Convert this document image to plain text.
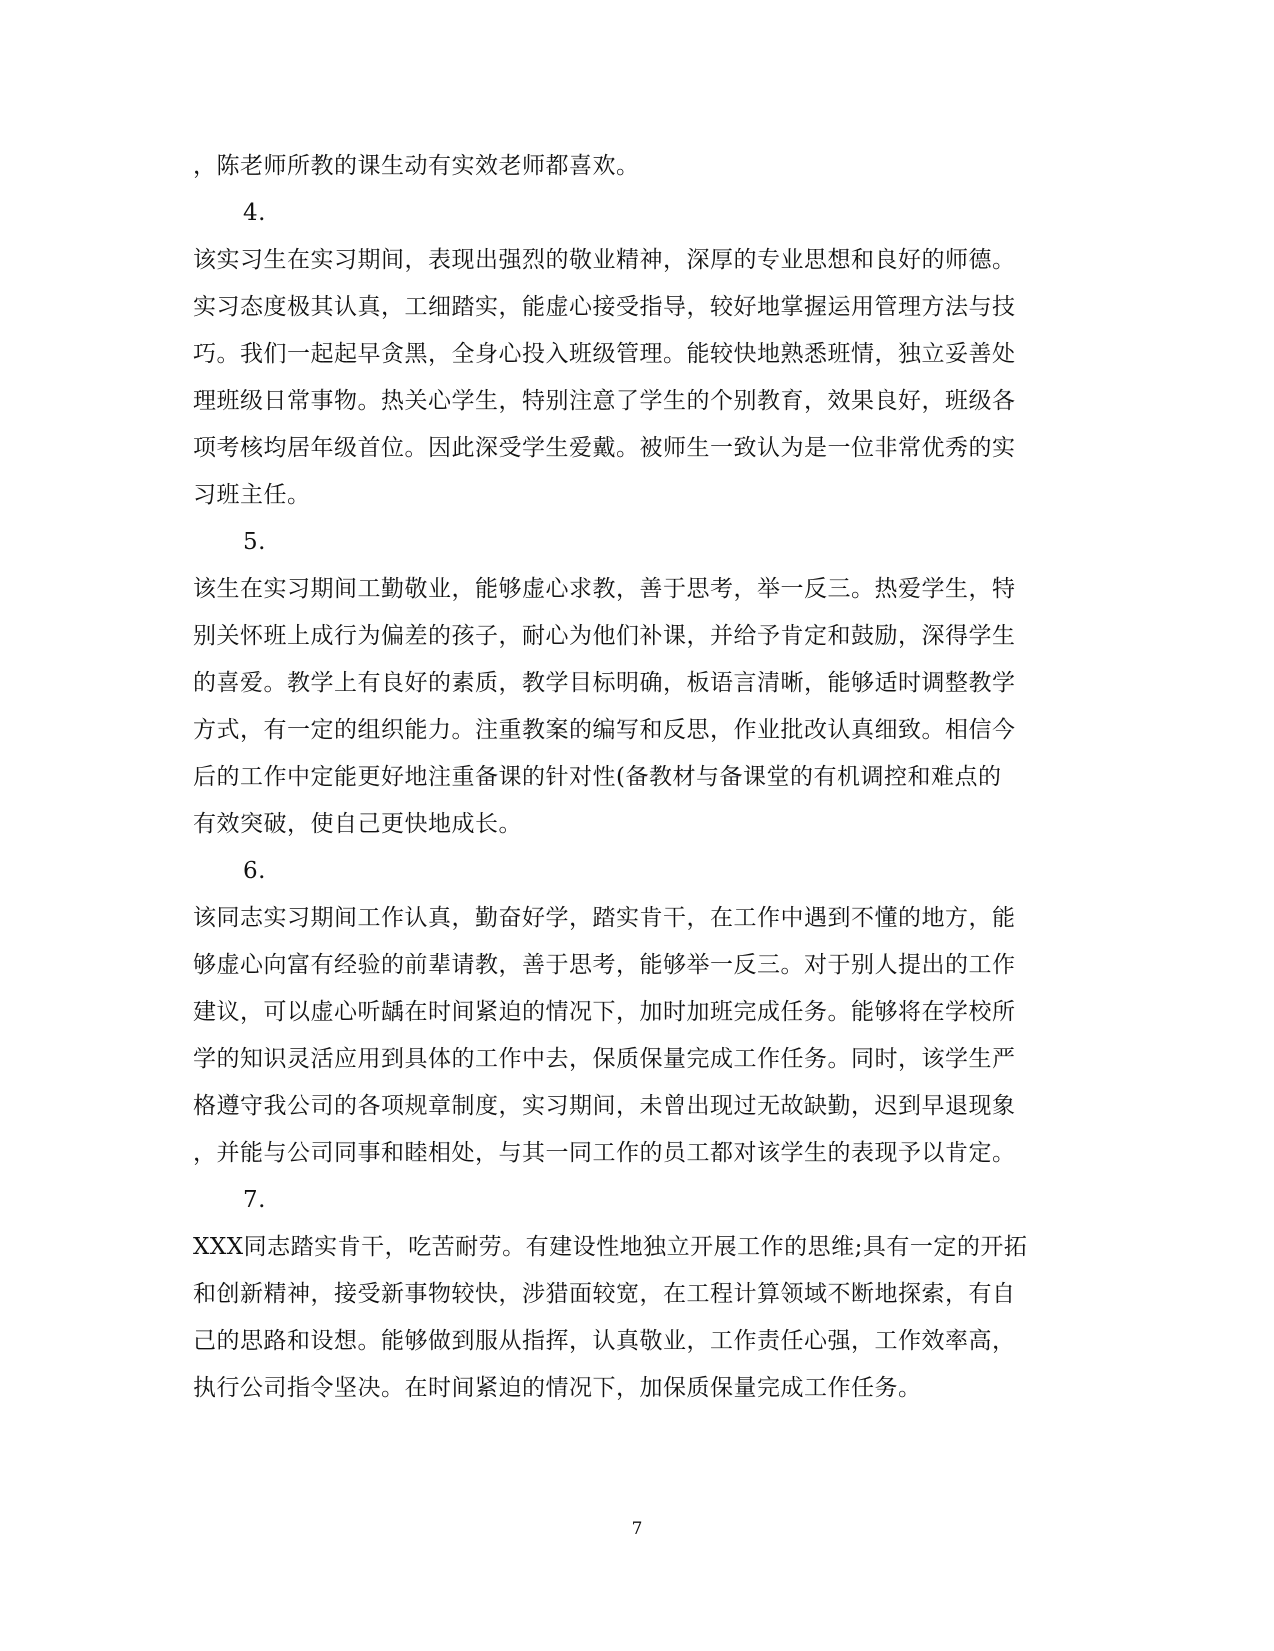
，陈老师所教的课生动有实效老师都喜欢。
4.
该实习生在实习期间，表现出强烈的敬业精神，深厚的专业思想和良好的师德。
实习态度极其认真，工细踏实，能虚心接受指导，较好地掌握运用管理方法与技
巧。我们一起起早贪黑，全身心投入班级管理。能较快地熟悉班情，独立妥善处
理班级日常事物。热关心学生，特别注意了学生的个别教育，效果良好，班级各
项考核均居年级首位。因此深受学生爱戴。被师生一致认为是一位非常优秀的实
习班主任。
5.
该生在实习期间工勤敬业，能够虚心求教，善于思考，举一反三。热爱学生，特
别关怀班上成行为偏差的孩子，耐心为他们补课，并给予肯定和鼓励，深得学生
的喜爱。教学上有良好的素质，教学目标明确，板语言清晰，能够适时调整教学
方式，有一定的组织能力。注重教案的编写和反思，作业批改认真细致。相信今
后的工作中定能更好地注重备课的针对性(备教材与备课堂的有机调控和难点的
有效突破，使自己更快地成长。
6.
该同志实习期间工作认真，勤奋好学，踏实肯干，在工作中遇到不懂的地方，能
够虚心向富有经验的前辈请教，善于思考，能够举一反三。对于别人提出的工作
建议，可以虚心听龋在时间紧迫的情况下，加时加班完成任务。能够将在学校所
学的知识灵活应用到具体的工作中去，保质保量完成工作任务。同时，该学生严
格遵守我公司的各项规章制度，实习期间，未曾出现过无故缺勤，迟到早退现象
，并能与公司同事和睦相处，与其一同工作的员工都对该学生的表现予以肯定。
7.
XXX同志踏实肯干，吃苦耐劳。有建设性地独立开展工作的思维;具有一定的开拓
和创新精神，接受新事物较快，涉猎面较宽，在工程计算领域不断地探索，有自
己的思路和设想。能够做到服从指挥，认真敬业，工作责任心强，工作效率高，
执行公司指令坚决。在时间紧迫的情况下，加保质保量完成工作任务。
7
